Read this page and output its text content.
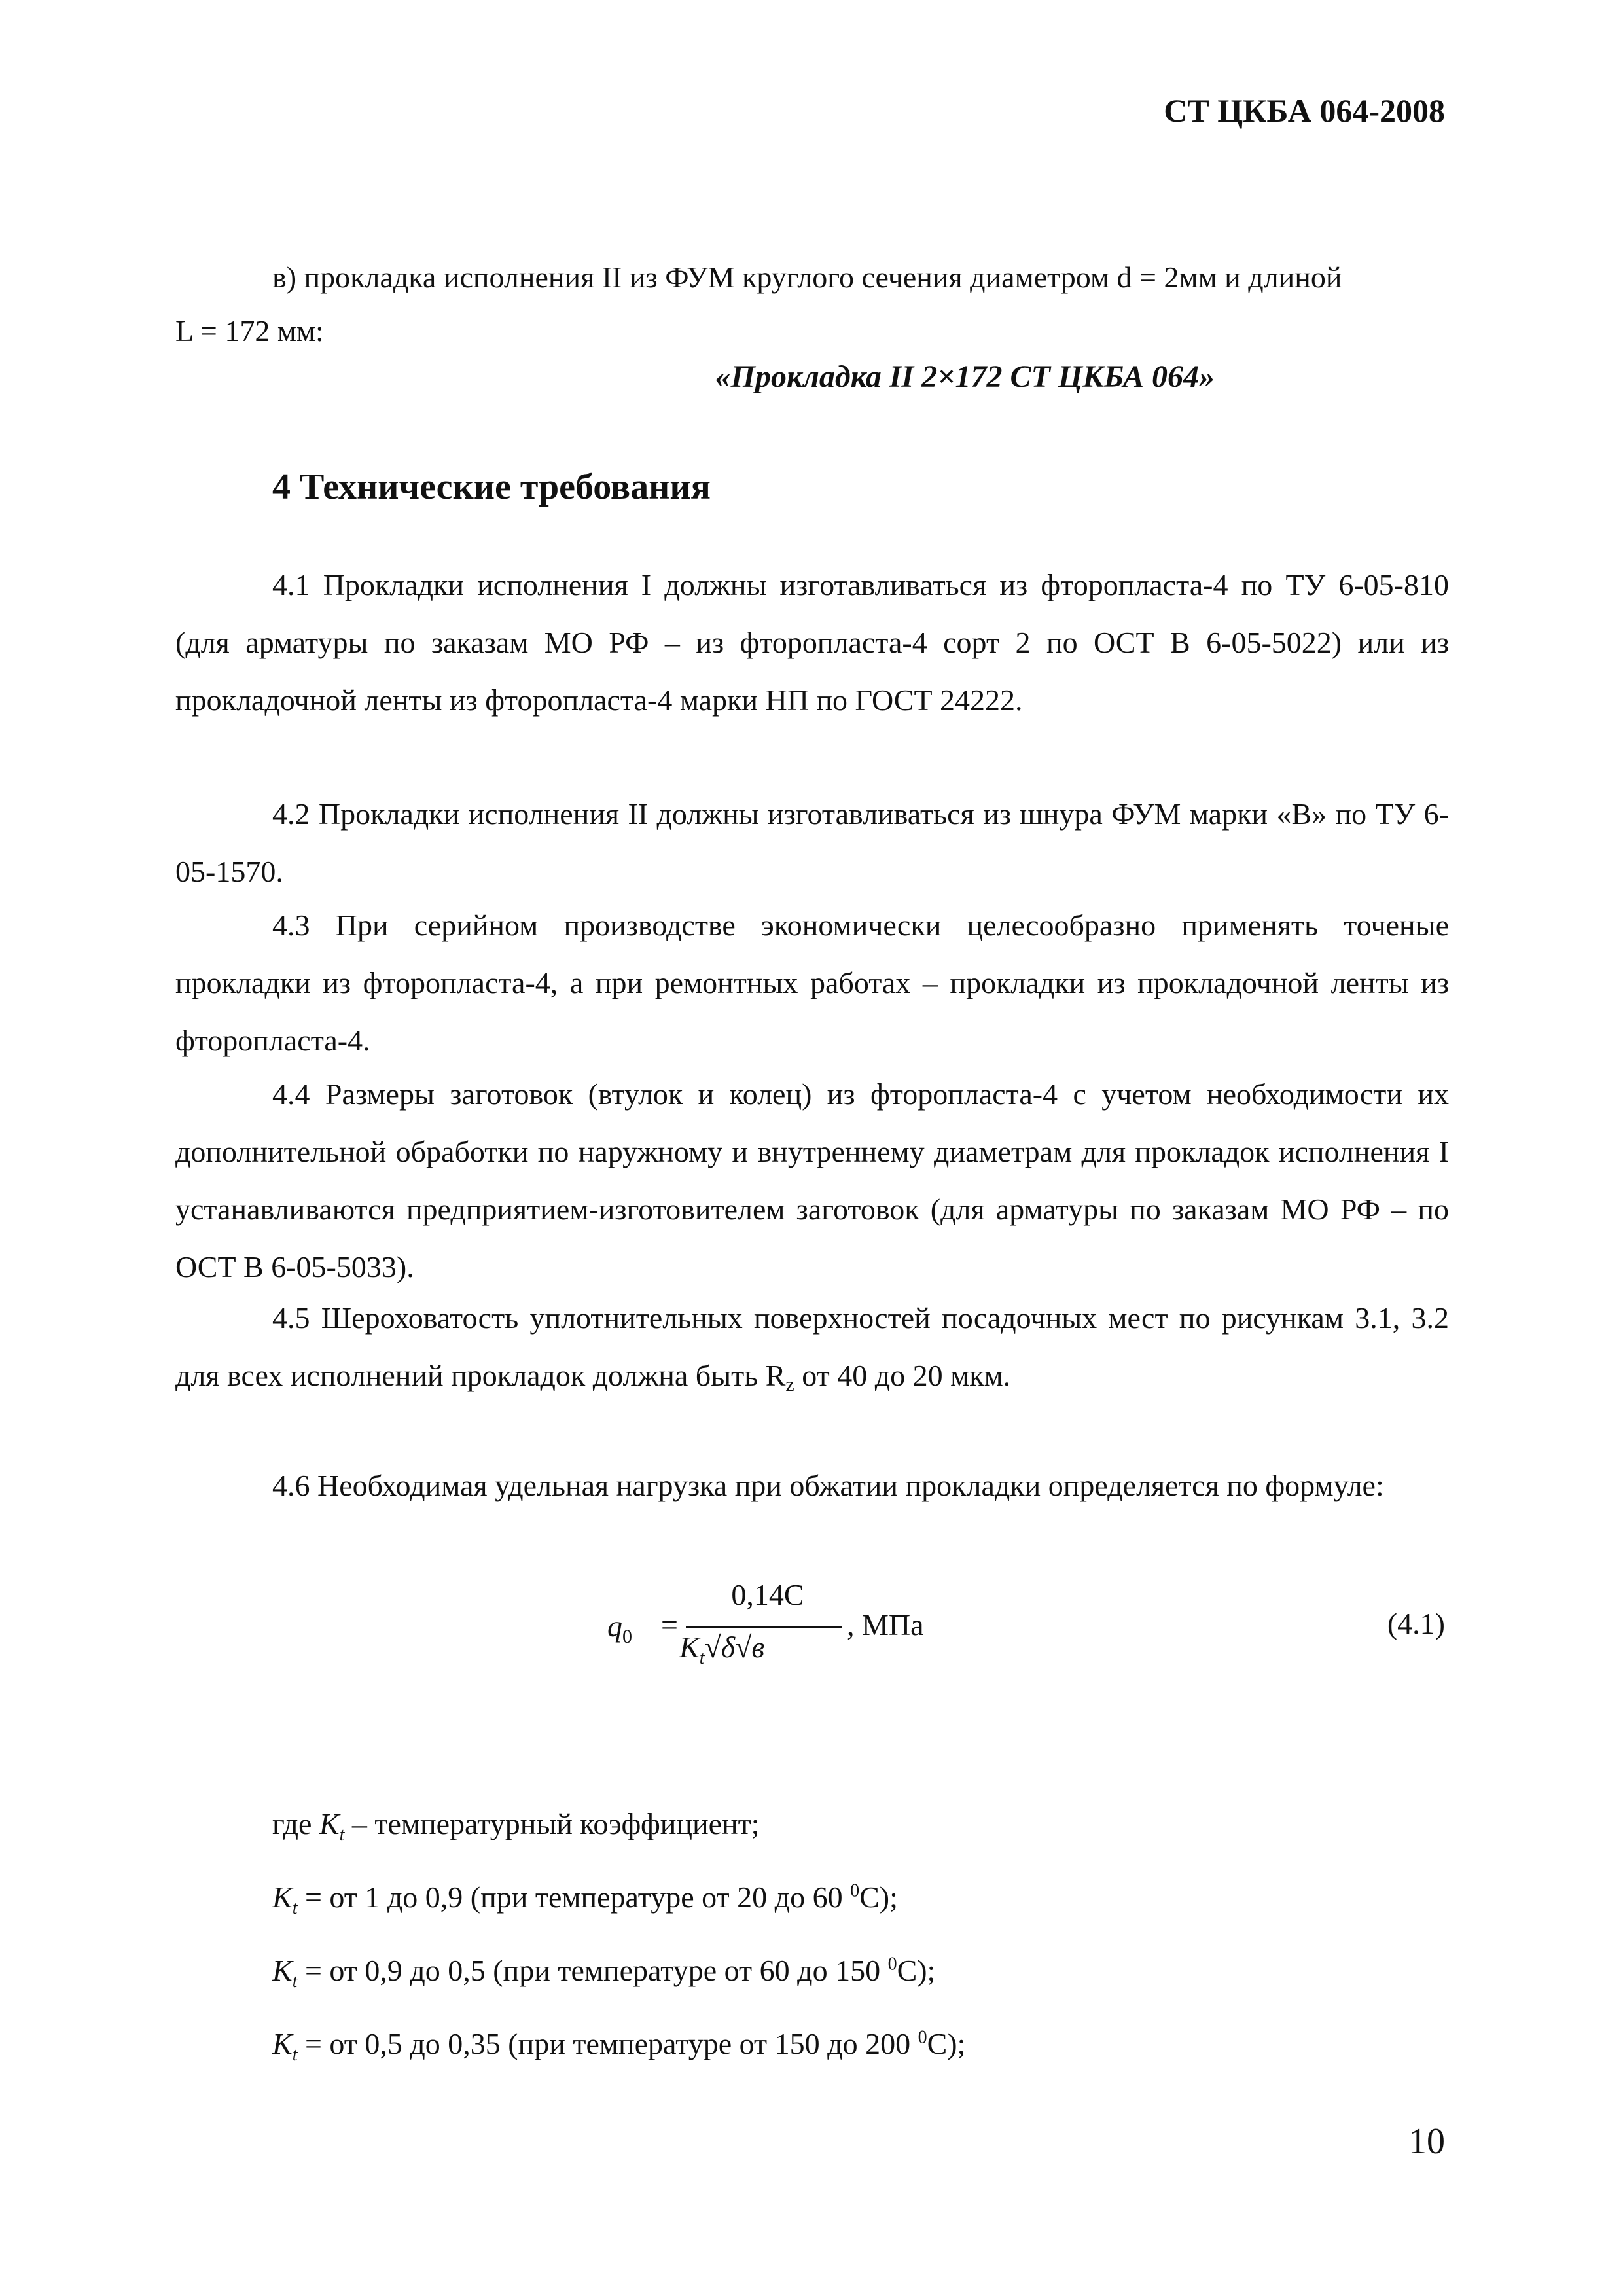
СТ ЦКБА 064-2008

в) прокладка исполнения II из ФУМ круглого сечения диаметром d = 2мм и длиной

L = 172 мм:

«Прокладка II 2×172 СТ ЦКБА 064»
4 Технические требования

4.1 Прокладки исполнения I должны изготавливаться из фторопласта-4 по ТУ 6-05-810 (для арматуры по заказам МО РФ – из фторопласта-4 сорт 2 по ОСТ В 6-05-5022) или из прокладочной ленты из фторопласта-4 марки НП по ГОСТ 24222.

4.2 Прокладки исполнения II должны изготавливаться из шнура ФУМ марки «В» по ТУ 6-05-1570.

4.3 При серийном производстве экономически целесообразно применять точеные прокладки из фторопласта-4, а при ремонтных работах – прокладки из прокладочной ленты из фторопласта-4.

4.4 Размеры заготовок (втулок и колец) из фторопласта-4 с учетом необходимости их дополнительной обработки по наружному и внутреннему диаметрам для прокладок исполнения I устанавливаются предприятием-изготовителем заготовок (для арматуры по заказам МО РФ – по ОСТ В 6-05-5033).

4.5 Шероховатость уплотнительных поверхностей посадочных мест по рисункам 3.1, 3.2 для всех исполнений прокладок должна быть Rz от 40 до 20 мкм.

4.6 Необходимая удельная нагрузка при обжатии прокладки определяется по формуле:

$q_0$ =
0,14C
$K_t√\delta√в$
, МПа	(4.1)

где $K_t$ – температурный коэффициент;

$K_t$ = от 1 до 0,9 (при температуре от 20 до 60 $^0$С);

$K_t$ = от 0,9 до 0,5 (при температуре от 60 до 150 $^0$С);

$K_t$ = от 0,5 до 0,35 (при температуре от 150 до 200 $^0$С);

10
